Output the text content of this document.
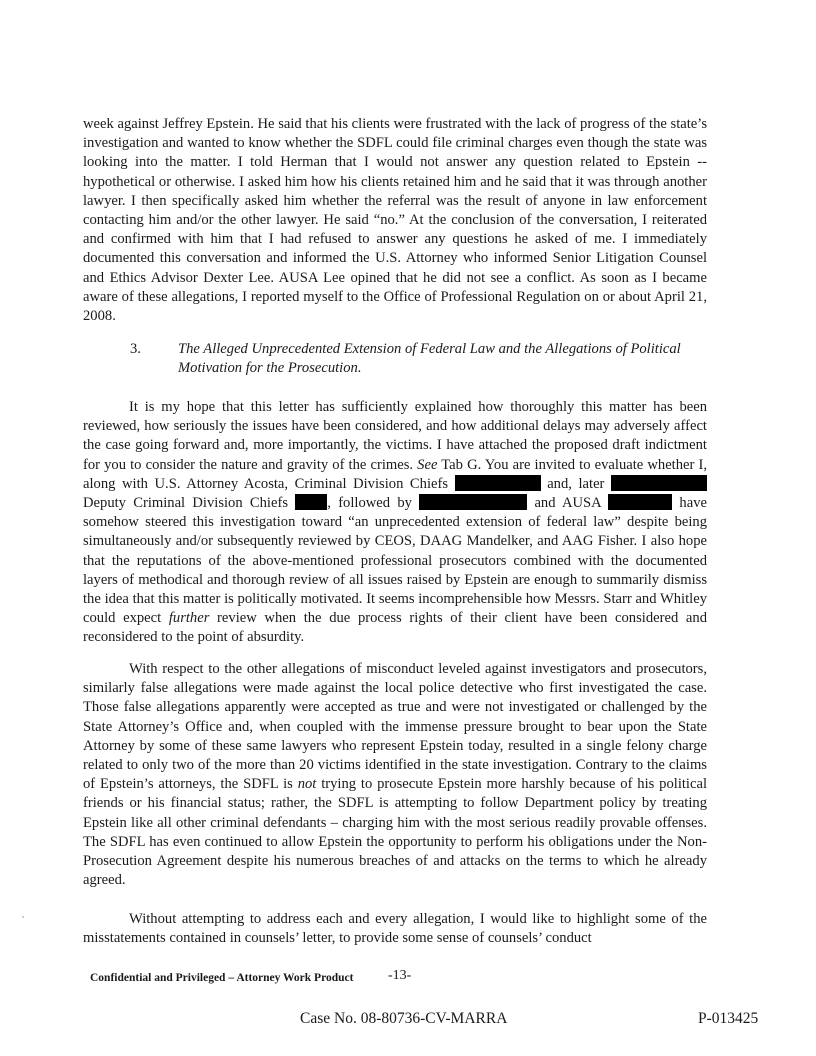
week against Jeffrey Epstein. He said that his clients were frustrated with the lack of progress of the state’s investigation and wanted to know whether the SDFL could file criminal charges even though the state was looking into the matter. I told Herman that I would not answer any question related to Epstein -- hypothetical or otherwise. I asked him how his clients retained him and he said that it was through another lawyer. I then specifically asked him whether the referral was the result of anyone in law enforcement contacting him and/or the other lawyer. He said “no.” At the conclusion of the conversation, I reiterated and confirmed with him that I had refused to answer any questions he asked of me. I immediately documented this conversation and informed the U.S. Attorney who informed Senior Litigation Counsel and Ethics Advisor Dexter Lee. AUSA Lee opined that he did not see a conflict. As soon as I became aware of these allegations, I reported myself to the Office of Professional Regulation on or about April 21, 2008.

3.	The Alleged Unprecedented Extension of Federal Law and the Allegations of Political Motivation for the Prosecution.

It is my hope that this letter has sufficiently explained how thoroughly this matter has been reviewed, how seriously the issues have been considered, and how additional delays may adversely affect the case going forward and, more importantly, the victims. I have attached the proposed draft indictment for you to consider the nature and gravity of the crimes. See Tab G. You are invited to evaluate whether I, along with U.S. Attorney Acosta, Criminal Division Chiefs	and, later  Deputy Criminal Division Chiefs , followed by	and AUSA	have somehow steered this investigation toward “an unprecedented extension of federal law” despite being simultaneously and/or subsequently reviewed by CEOS, DAAG Mandelker, and AAG Fisher. I also hope that the reputations of the above-mentioned professional prosecutors combined with the documented layers of methodical and thorough review of all issues raised by Epstein are enough to summarily dismiss the idea that this matter is politically motivated. It seems incomprehensible how Messrs. Starr and Whitley could expect further review when the due process rights of their client have been considered and reconsidered to the point of absurdity.

With respect to the other allegations of misconduct leveled against investigators and prosecutors, similarly false allegations were made against the local police detective who first investigated the case. Those false allegations apparently were accepted as true and were not investigated or challenged by the State Attorney’s Office and, when coupled with the immense pressure brought to bear upon the State Attorney by some of these same lawyers who represent Epstein today, resulted in a single felony charge related to only two of the more than 20 victims identified in the state investigation. Contrary to the claims of Epstein’s attorneys, the SDFL is not trying to prosecute Epstein more harshly because of his political friends or his financial status; rather, the SDFL is attempting to follow Department policy by treating Epstein like all other criminal defendants – charging him with the most serious readily provable offenses. The SDFL has even continued to allow Epstein the opportunity to perform his obligations under the Non-Prosecution Agreement despite his numerous breaches of and attacks on the terms to which he already agreed.

Without attempting to address each and every allegation, I would like to highlight some of the misstatements contained in counsels’ letter, to provide some sense of counsels’ conduct

Confidential and Privileged – Attorney Work Product -13-
Case No. 08-80736-CV-MARRA	P-013425
